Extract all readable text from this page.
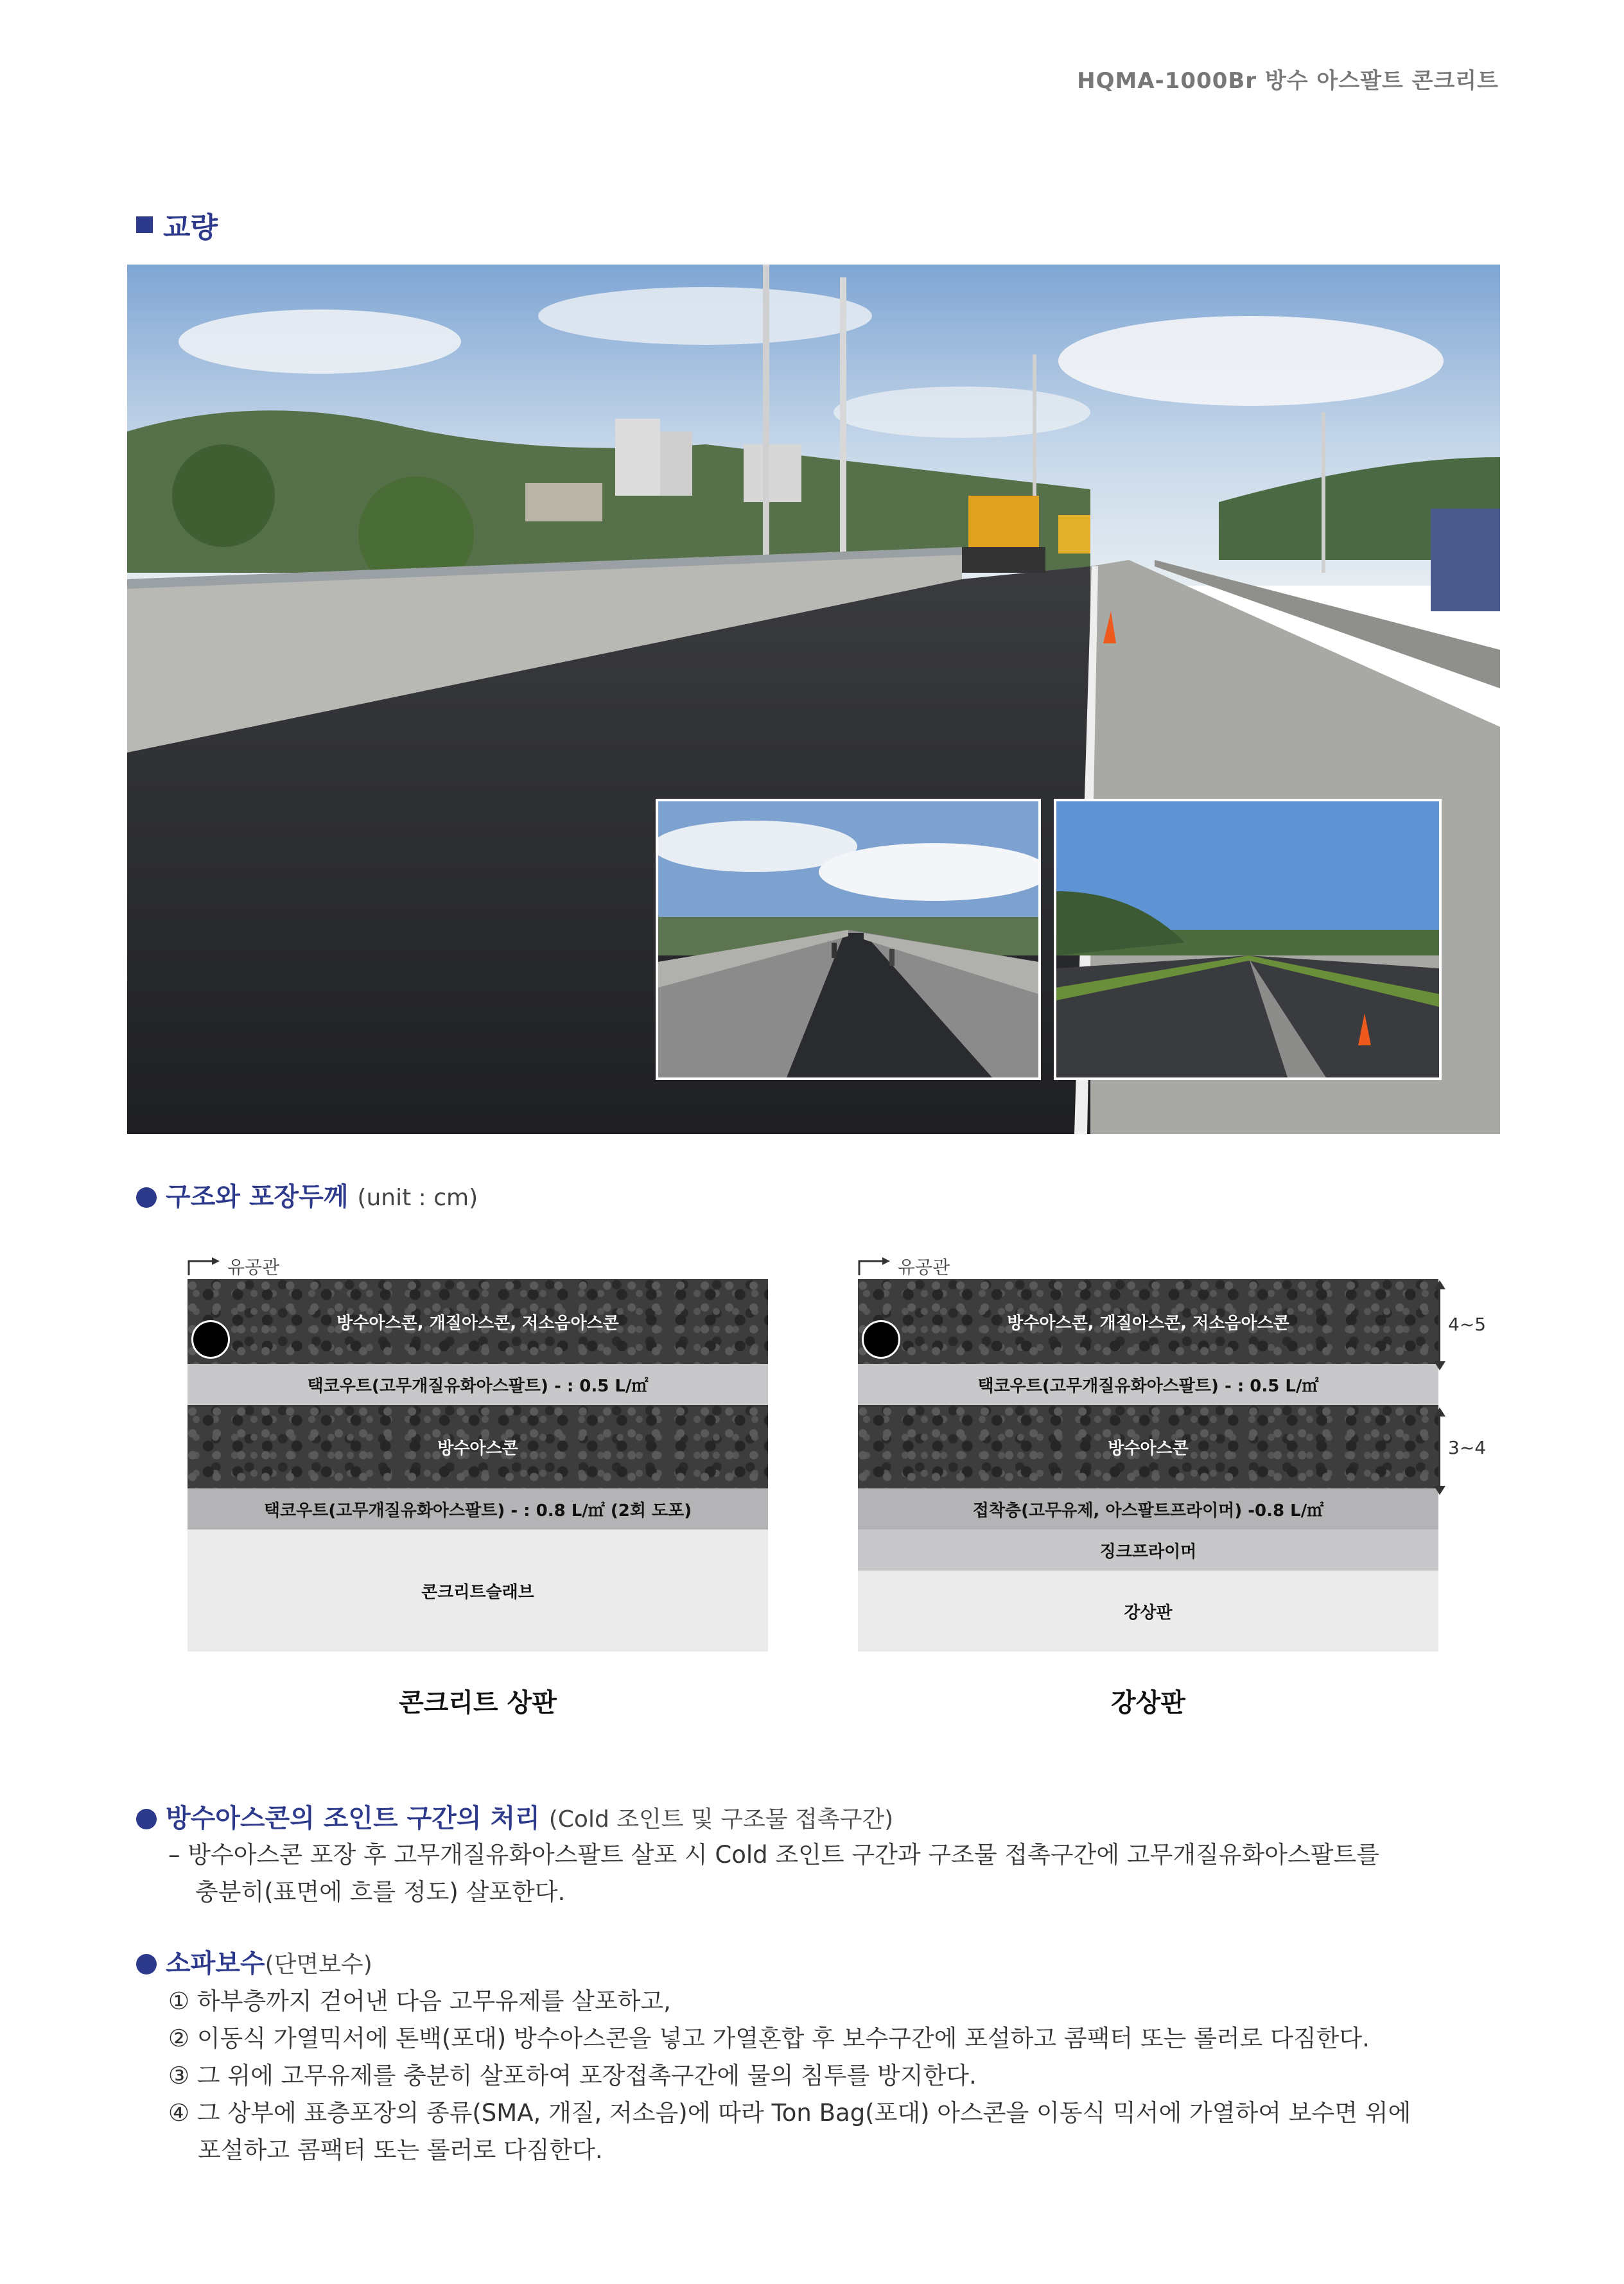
HQMA-1000Br 방수 아스팔트 콘크리트
교량
구조와 포장두께 (unit : cm)
유공관
방수아스콘, 개질아스콘, 저소음아스콘
택코우트(고무개질유화아스팔트) - : 0.5 L/㎡
방수아스콘
택코우트(고무개질유화아스팔트) - : 0.8 L/㎡ (2회 도포)
콘크리트슬래브
콘크리트 상판
유공관
방수아스콘, 개질아스콘, 저소음아스콘
택코우트(고무개질유화아스팔트) - : 0.5 L/㎡
방수아스콘
접착층(고무유제, 아스팔트프라이머) -0.8 L/㎡
징크프라이머
강상판
강상판
4~5
3~4
방수아스콘의 조인트 구간의 처리 (Cold 조인트 및 구조물 접촉구간)
– 방수아스콘 포장 후 고무개질유화아스팔트 살포 시 Cold 조인트 구간과 구조물 접촉구간에 고무개질유화아스팔트를
충분히(표면에 흐를 정도) 살포한다.
소파보수 (단면보수)
① 하부층까지 걷어낸 다음 고무유제를 살포하고,
② 이동식 가열믹서에 톤백(포대) 방수아스콘을 넣고 가열혼합 후 보수구간에 포설하고 콤팩터 또는 롤러로 다짐한다.
③ 그 위에 고무유제를 충분히 살포하여 포장접촉구간에 물의 침투를 방지한다.
④ 그 상부에 표층포장의 종류(SMA, 개질, 저소음)에 따라 Ton Bag(포대) 아스콘을 이동식 믹서에 가열하여 보수면 위에
포설하고 콤팩터 또는 롤러로 다짐한다.
